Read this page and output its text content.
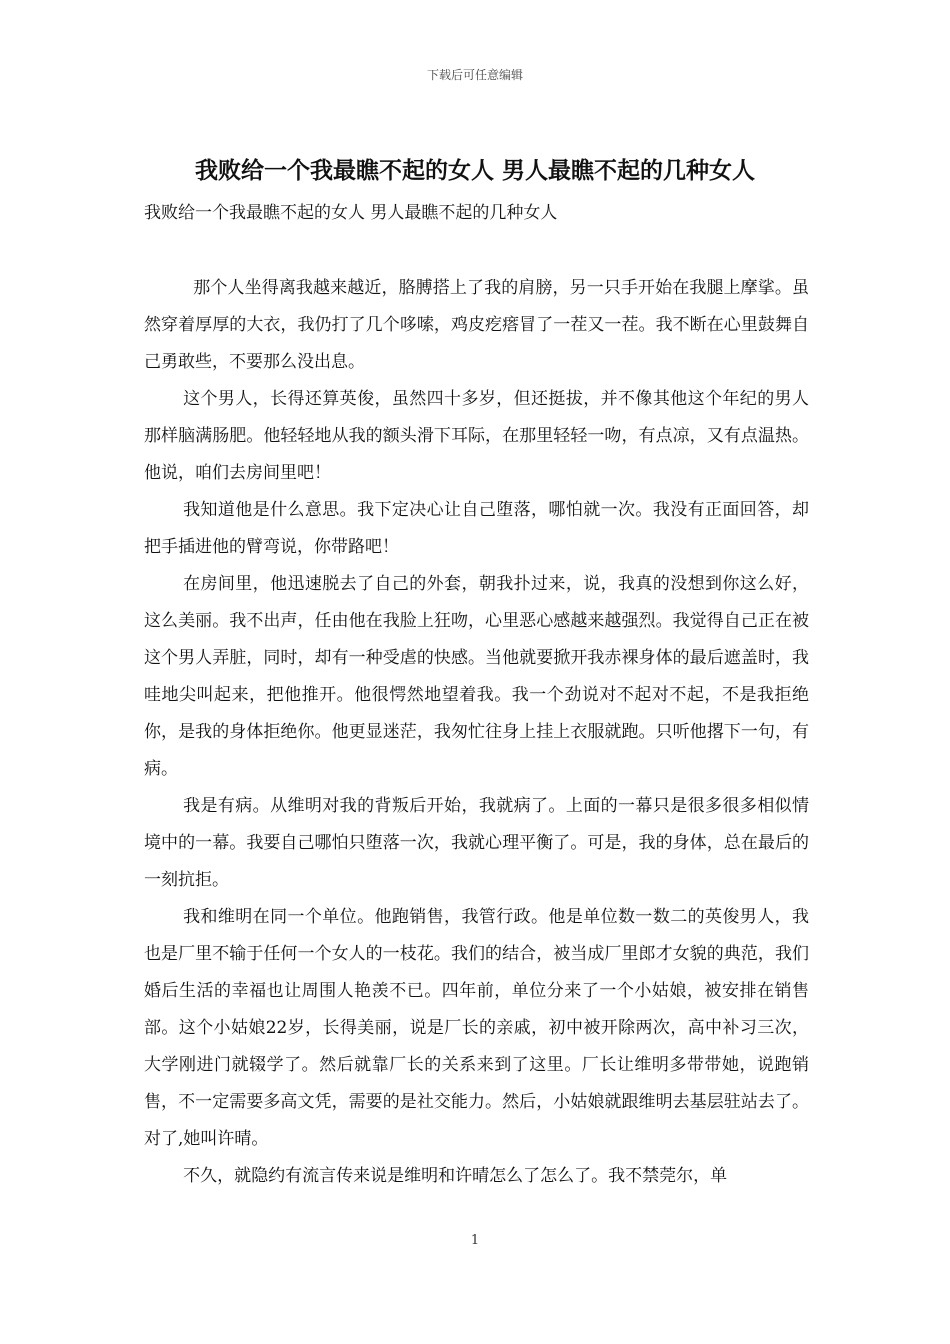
下载后可任意编辑
我败给一个我最瞧不起的女人 男人最瞧不起的几种女人
我败给一个我最瞧不起的女人 男人最瞧不起的几种女人

那个人坐得离我越来越近，胳膊搭上了我的肩膀，另一只手开始在我腿上摩挲。虽然穿着厚厚的大衣，我仍打了几个哆嗦，鸡皮疙瘩冒了一茬又一茬。我不断在心里鼓舞自己勇敢些，不要那么没出息。

这个男人，长得还算英俊，虽然四十多岁，但还挺拔，并不像其他这个年纪的男人那样脑满肠肥。他轻轻地从我的额头滑下耳际，在那里轻轻一吻，有点凉，又有点温热。他说，咱们去房间里吧！

我知道他是什么意思。我下定决心让自己堕落，哪怕就一次。我没有正面回答，却把手插进他的臂弯说，你带路吧！

在房间里，他迅速脱去了自己的外套，朝我扑过来，说，我真的没想到你这么好，这么美丽。我不出声，任由他在我脸上狂吻，心里恶心感越来越强烈。我觉得自己正在被这个男人弄脏，同时，却有一种受虐的快感。当他就要掀开我赤裸身体的最后遮盖时，我哇地尖叫起来，把他推开。他很愕然地望着我。我一个劲说对不起对不起，不是我拒绝你，是我的身体拒绝你。他更显迷茫，我匆忙往身上挂上衣服就跑。只听他撂下一句，有病。

我是有病。从维明对我的背叛后开始，我就病了。上面的一幕只是很多很多相似情境中的一幕。我要自己哪怕只堕落一次，我就心理平衡了。可是，我的身体，总在最后的一刻抗拒。

我和维明在同一个单位。他跑销售，我管行政。他是单位数一数二的英俊男人，我也是厂里不输于任何一个女人的一枝花。我们的结合，被当成厂里郎才女貌的典范，我们婚后生活的幸福也让周围人艳羡不已。四年前，单位分来了一个小姑娘，被安排在销售部。这个小姑娘22岁，长得美丽，说是厂长的亲戚，初中被开除两次，高中补习三次，大学刚进门就辍学了。然后就靠厂长的关系来到了这里。厂长让维明多带带她，说跑销售，不一定需要多高文凭，需要的是社交能力。然后，小姑娘就跟维明去基层驻站去了。对了,她叫许晴。

不久，就隐约有流言传来说是维明和许晴怎么了怎么了。我不禁莞尔，单

1
